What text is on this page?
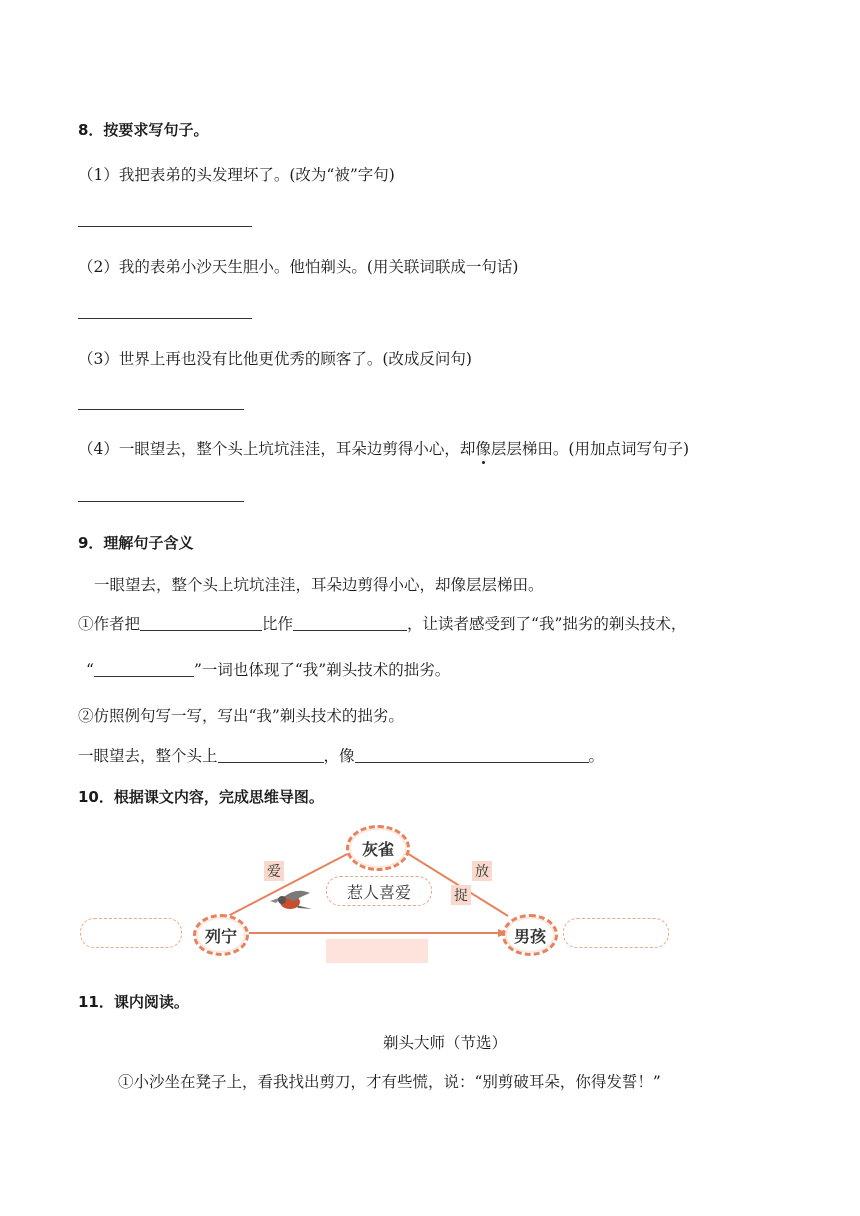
8．按要求写句子。
（1）我把表弟的头发理坏了。(改为“被”字句)
（2）我的表弟小沙天生胆小。他怕剃头。(用关联词联成一句话)
（3）世界上再也没有比他更优秀的顾客了。(改成反问句)
（4）一眼望去，整个头上坑坑洼洼，耳朵边剪得小心，却像层层梯田。(用加点词写句子)
9．理解句子含义
一眼望去，整个头上坑坑洼洼，耳朵边剪得小心，却像层层梯田。
①作者把	比作	，让读者感受到了“我”拙劣的剃头技术，
“	”一词也体现了“我”剃头技术的拙劣。
②仿照例句写一写，写出“我”剃头技术的拙劣。
一眼望去，整个头上	，像	。
10．根据课文内容，完成思维导图。
灰雀
列宁	男孩
惹人喜爱
爱	放
捉
11．课内阅读。
剃头大师（节选）
①小沙坐在凳子上，看我找出剪刀，才有些慌，说：“别剪破耳朵，你得发誓！”
